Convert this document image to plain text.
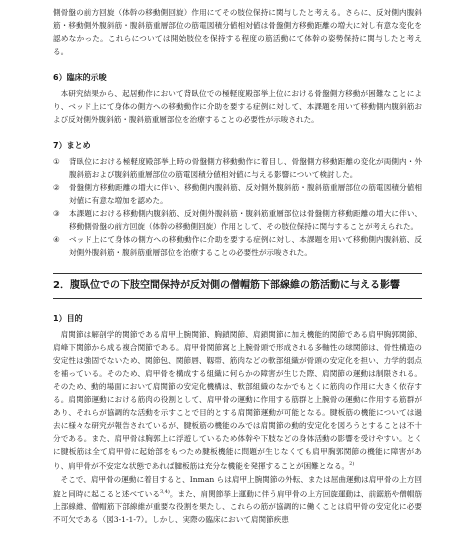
側骨盤の前方回旋（体幹の移動側回旋）作用にてその肢位保持に関与したと考える。さらに、反対側内腹斜筋・移動側外腹斜筋・腹斜筋重層部位の筋電図積分値相対値は骨盤側方移動距離の増大に対し有意な変化を認めなかった。これらについては開始肢位を保持する程度の筋活動にて体幹の姿勢保持に関与したと考える。

6）臨床的示唆

本研究結果から、起居動作において背臥位での極軽度殿部挙上位における骨盤側方移動が困難なことにより、ベッド上にて身体の側方への移動動作に介助を要する症例に対して、本課題を用いて移動側内腹斜筋および反対側外腹斜筋・腹斜筋重層部位を治療することの必要性が示唆された。

7）まとめ
①	背臥位における極軽度殿部挙上時の骨盤側方移動動作に着目し、骨盤側方移動距離の変化が両側内・外腹斜筋および腹斜筋重層部位の筋電図積分値相対値に与える影響について検討した。
②	骨盤側方移動距離の増大に伴い、移動側内腹斜筋、反対側外腹斜筋・腹斜筋重層部位の筋電図積分値相対値に有意な増加を認めた。
③	本課題における移動側内腹斜筋、反対側外腹斜筋・腹斜筋重層部位は骨盤側方移動距離の増大に伴い、移動側骨盤の前方回旋（体幹の移動側回旋）作用として、その肢位保持に関与することが考えられた。
④	ベッド上にて身体の側方への移動動作に介助を要する症例に対し、本課題を用いて移動側内腹斜筋、反対側外腹斜筋・腹斜筋重層部位を治療することの必要性が示唆された。
2．腹臥位での下肢空間保持が反対側の僧帽筋下部線維の筋活動に与える影響
1）目的

肩関節は解剖学的関節である肩甲上腕関節、胸鎖関節、肩鎖関節に加え機能的関節である肩甲胸郭関節、肩峰下関節から成る複合関節である。肩甲骨関節窩と上腕骨頭で形成される多軸性の球関節は、骨性構造の安定性は強固でないため、関節包、関節唇、靱帯、筋肉などの軟部組織が骨頭の安定化を担い、力学的弱点を補っている。そのため、肩甲骨を構成する組織に何らかの障害が生じた際、肩関節の運動は制限される。そのため、動的場面において肩関節の安定化機構は、軟部組織のなかでもとくに筋肉の作用に大きく依存する。肩関節運動における筋肉の役割として、肩甲骨の運動に作用する筋群と上腕骨の運動に作用する筋群があり、それらが協調的な活動を示すことで目的とする肩関節運動が可能となる。腱板筋の機能については過去に様々な研究が報告されているが、腱板筋の機能のみでは肩関節の動的安定化を図ろうとすることは不十分である。また、肩甲骨は胸郭上に浮遊しているため体幹や下肢などの身体活動の影響を受けやすい。とくに腱板筋は全て肩甲骨に起始部をもつため腱板機能に問題が生じなくても肩甲胸郭関節の機能に障害があり、肩甲骨が不安定な状態であれば腱板筋は充分な機能を発揮することが困難となる。$^{2)}$

そこで、肩甲骨の運動に着目すると、Inman らは肩甲上腕関節の外転、または屈曲運動は肩甲骨の上方回旋と同時に起こると述べている$^{3,4)}$。また、肩関節挙上運動に伴う肩甲骨の上方回旋運動は、前鋸筋や僧帽筋上部線維、僧帽筋下部線維が重要な役割を果たし、これらの筋が協調的に働くことは肩甲骨の安定化に必要不可欠である（図3-1-1-7）。しかし、実際の臨床において肩関節疾患
